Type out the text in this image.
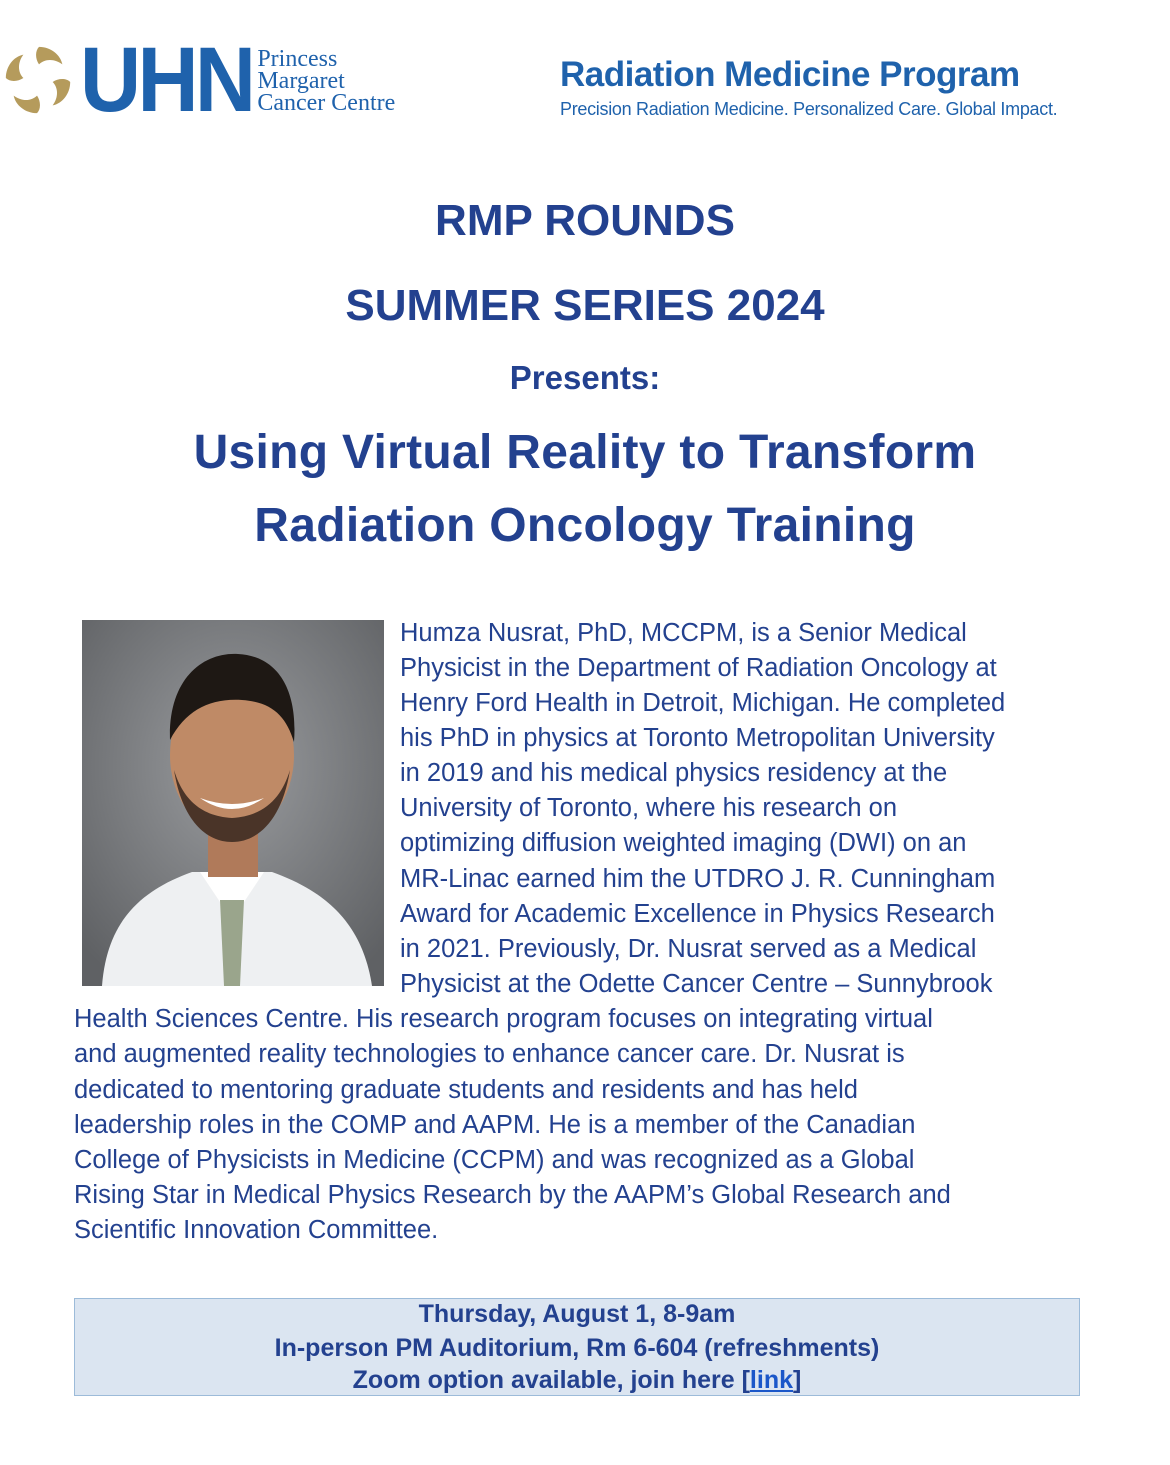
UHN Princess
Margaret
Cancer Centre
Radiation Medicine Program
Precision Radiation Medicine. Personalized Care. Global Impact.
RMP ROUNDS
SUMMER SERIES 2024
Presents:
Using Virtual Reality to Transform
Radiation Oncology Training
Humza Nusrat, PhD, MCCPM, is a Senior Medical
Physicist in the Department of Radiation Oncology at
Henry Ford Health in Detroit, Michigan. He completed
his PhD in physics at Toronto Metropolitan University
in 2019 and his medical physics residency at the
University of Toronto, where his research on
optimizing diffusion weighted imaging (DWI) on an
MR-Linac earned him the UTDRO J. R. Cunningham
Award for Academic Excellence in Physics Research
in 2021. Previously, Dr. Nusrat served as a Medical
Physicist at the Odette Cancer Centre – Sunnybrook
Health Sciences Centre. His research program focuses on integrating virtual
and augmented reality technologies to enhance cancer care. Dr. Nusrat is
dedicated to mentoring graduate students and residents and has held
leadership roles in the COMP and AAPM. He is a member of the Canadian
College of Physicists in Medicine (CCPM) and was recognized as a Global
Rising Star in Medical Physics Research by the AAPM’s Global Research and
Scientific Innovation Committee.
Thursday, August 1, 8-9am
In-person PM Auditorium, Rm 6-604 (refreshments)
Zoom option available, join here [link]
